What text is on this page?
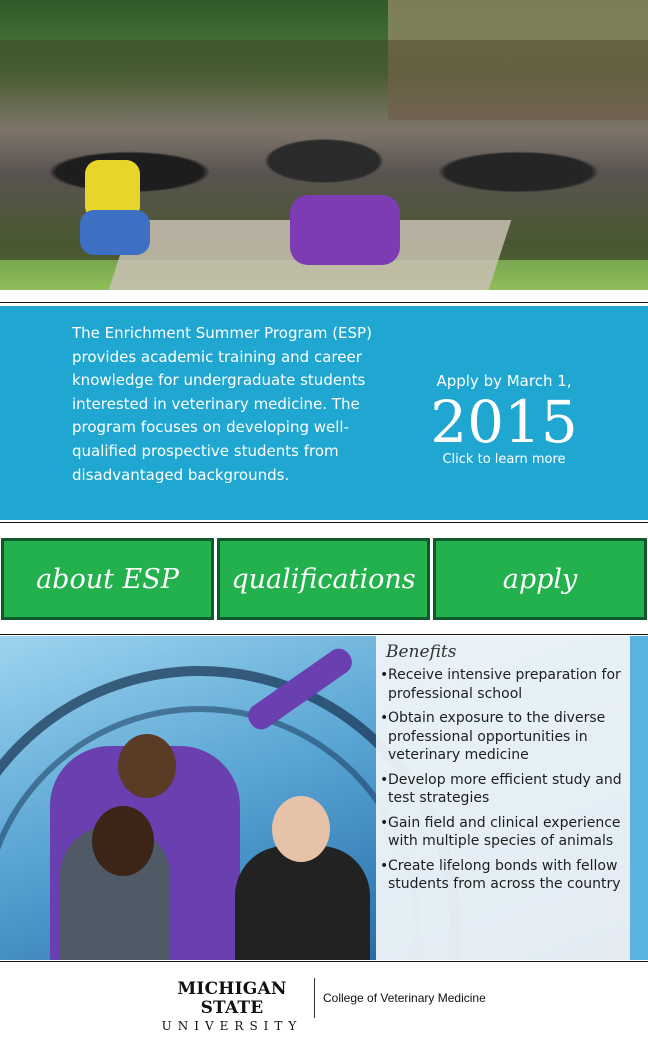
The Enrichment Summer Program (ESP) provides academic training and career knowledge for undergraduate students interested in veterinary medicine. The program focuses on developing well-qualified prospective students from disadvantaged backgrounds.
Apply by March 1,
2015
Click to learn more
about ESP	qualifications	apply
Benefits
• Receive intensive preparation for professional school
• Obtain exposure to the diverse professional opportunities in veterinary medicine
• Develop more efficient study and test strategies
• Gain field and clinical experience with multiple species of animals
• Create lifelong bonds with fellow students from across the country
MICHIGAN STATE
UNIVERSITY
College of Veterinary Medicine
